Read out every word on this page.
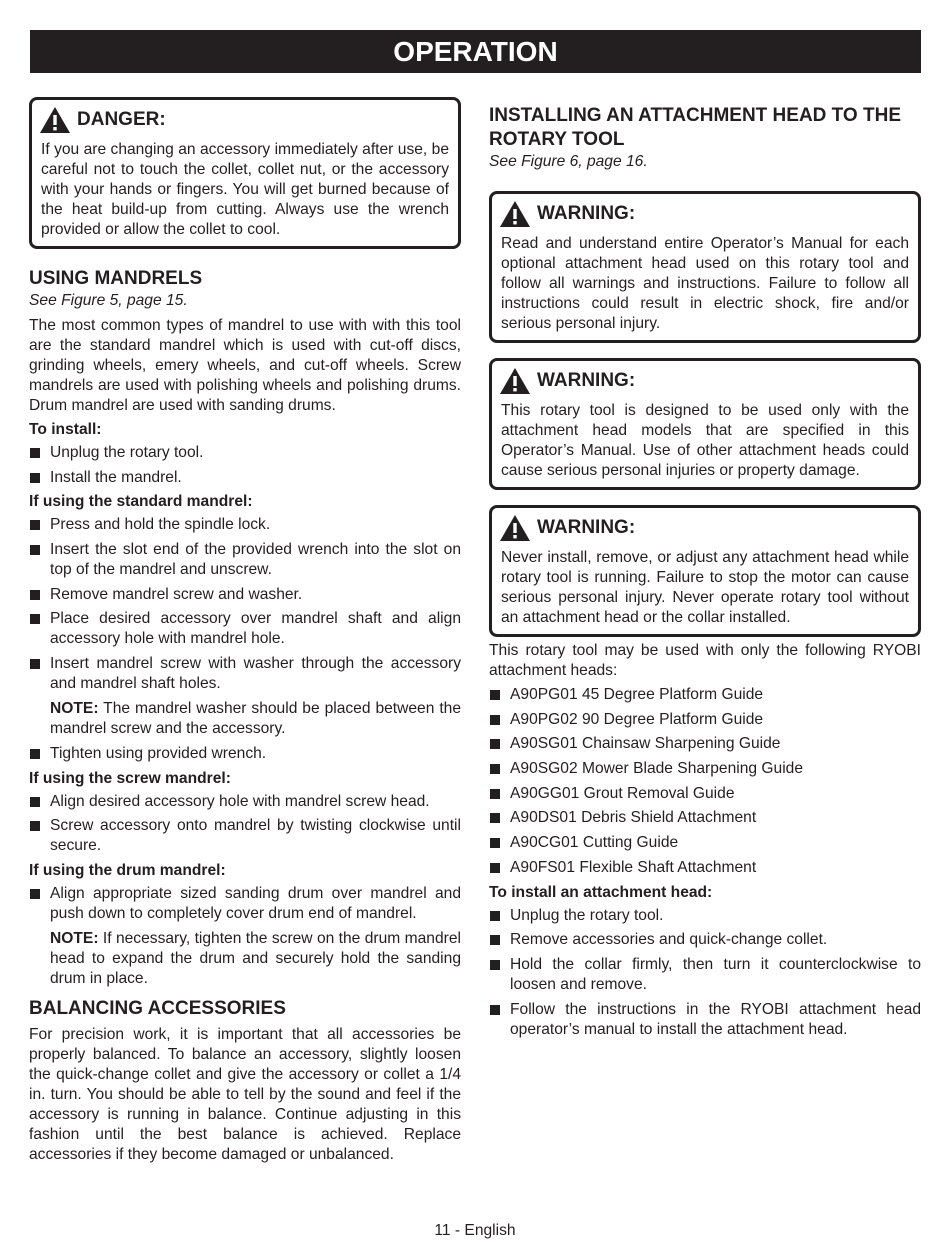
OPERATION
DANGER:

If you are changing an accessory immediately after use, be careful not to touch the collet, collet nut, or the accessory with your hands or fingers. You will get burned because of the heat build-up from cutting. Always use the wrench provided or allow the collet to cool.

USING MANDRELS

See Figure 5, page 15.

The most common types of mandrel to use with with this tool are the standard mandrel which is used with cut-off discs, grinding wheels, emery wheels, and cut-off wheels. Screw mandrels are used with polishing wheels and polishing drums. Drum mandrel are used with sanding drums.

To install:
Unplug the rotary tool.
Install the mandrel.
If using the standard mandrel:
Press and hold the spindle lock.
Insert the slot end of the provided wrench into the slot on top of the mandrel and unscrew.
Remove mandrel screw and washer.
Place desired accessory over mandrel shaft and align accessory hole with mandrel hole.
Insert mandrel screw with washer through the accessory and mandrel shaft holes.

NOTE: The mandrel washer should be placed between the mandrel screw and the accessory.

Tighten using provided wrench.
If using the screw mandrel:
Align desired accessory hole with mandrel screw head.
Screw accessory onto mandrel by twisting clockwise until secure.
If using the drum mandrel:
Align appropriate sized sanding drum over mandrel and push down to completely cover drum end of mandrel.

NOTE: If necessary, tighten the screw on the drum mandrel head to expand the drum and securely hold the sanding drum in place.

BALANCING ACCESSORIES

For precision work, it is important that all accessories be properly balanced. To balance an accessory, slightly loosen the quick-change collet and give the accessory or collet a 1/4 in. turn. You should be able to tell by the sound and feel if the accessory is running in balance. Continue adjusting in this fashion until the best balance is achieved. Replace accessories if they become damaged or unbalanced.

INSTALLING AN ATTACHMENT HEAD TO THE ROTARY TOOL

See Figure 6, page 16.

WARNING:

Read and understand entire Operator’s Manual for each optional attachment head used on this rotary tool and follow all warnings and instructions. Failure to follow all instructions could result in electric shock, fire and/or serious personal injury.

WARNING:

This rotary tool is designed to be used only with the attachment head models that are specified in this Operator’s Manual. Use of other attachment heads could cause serious personal injuries or property damage.

WARNING:

Never install, remove, or adjust any attachment head while rotary tool is running. Failure to stop the motor can cause serious personal injury. Never operate rotary tool without an attachment head or the collar installed.

This rotary tool may be used with only the following RYOBI attachment heads:

A90PG01 45 Degree Platform Guide
A90PG02 90 Degree Platform Guide
A90SG01 Chainsaw Sharpening Guide
A90SG02 Mower Blade Sharpening Guide
A90GG01 Grout Removal Guide
A90DS01 Debris Shield Attachment
A90CG01 Cutting Guide
A90FS01 Flexible Shaft Attachment
To install an attachment head:
Unplug the rotary tool.
Remove accessories and quick-change collet.
Hold the collar firmly, then turn it counterclockwise to loosen and remove.
Follow the instructions in the RYOBI attachment head operator’s manual to install the attachment head.
11 - English
